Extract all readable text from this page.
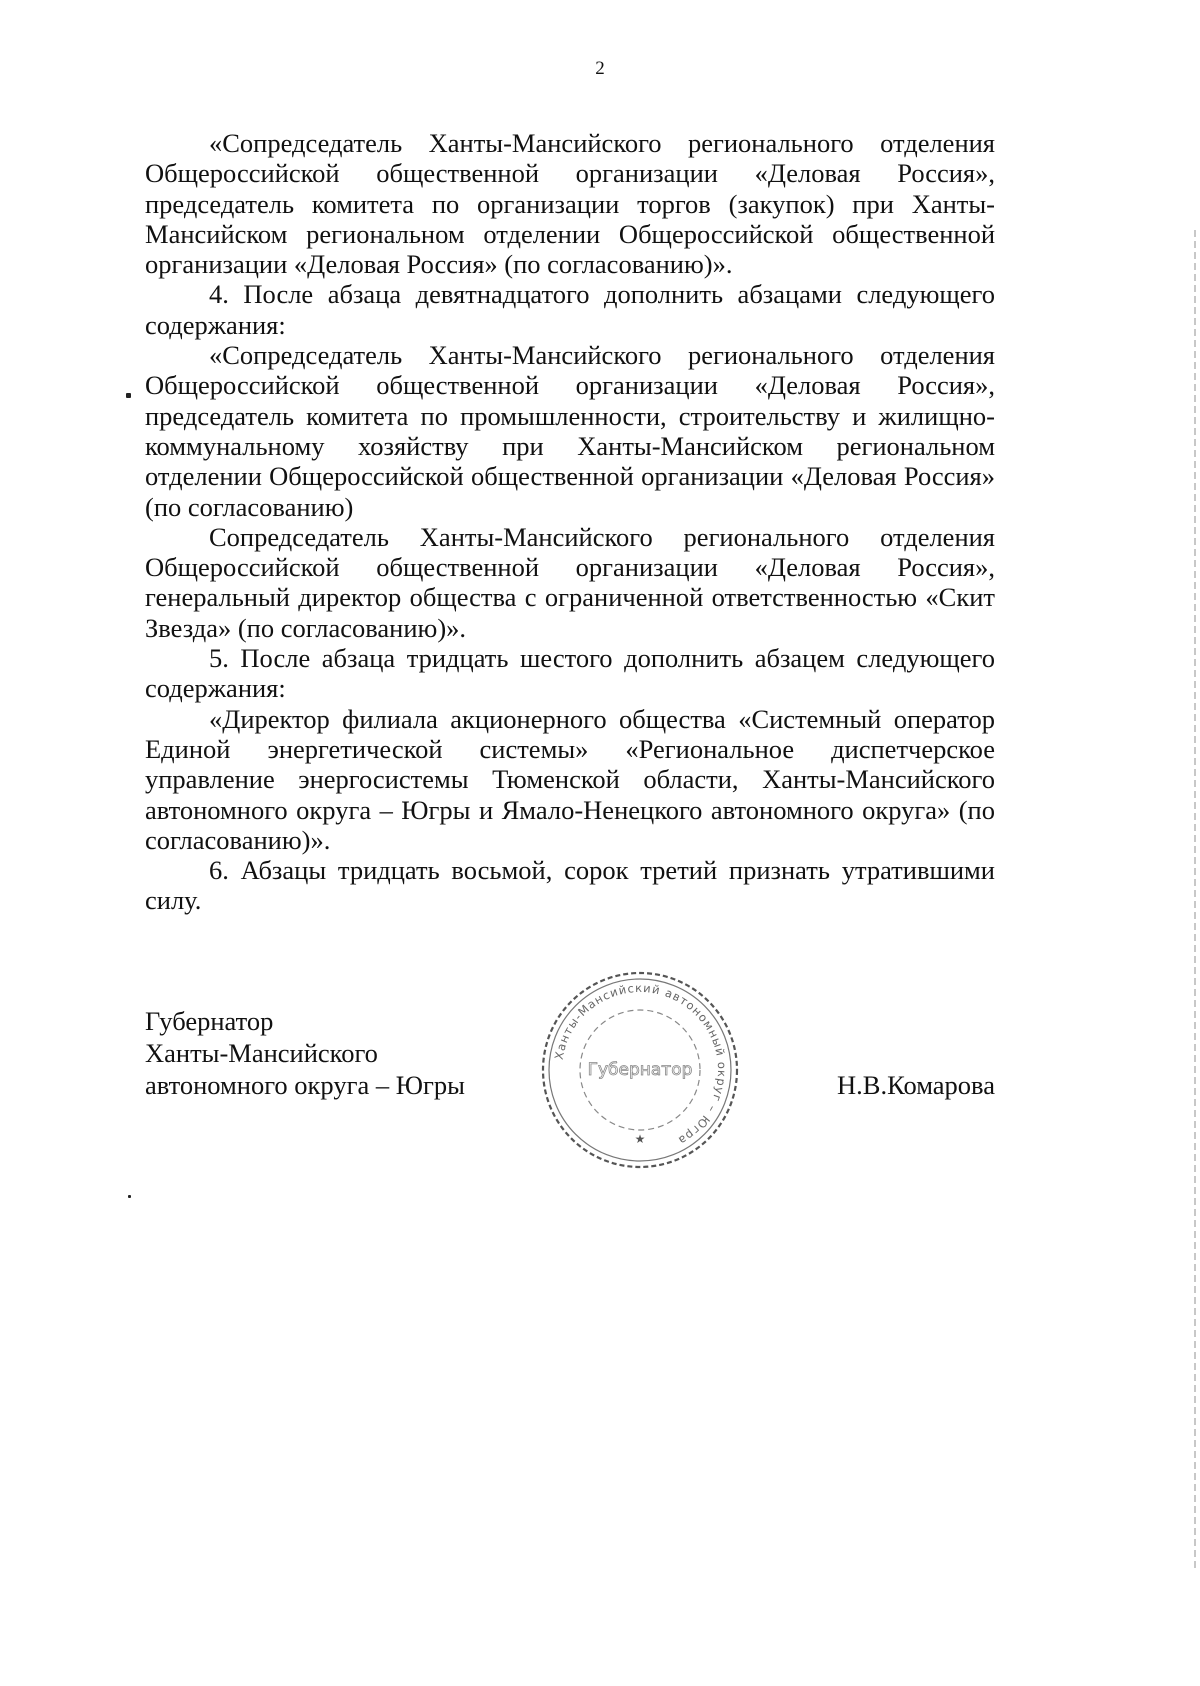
2

«Сопредседатель Ханты-Мансийского регионального отделения Общероссийской общественной организации «Деловая Россия», председатель комитета по организации торгов (закупок) при Ханты-Мансийском региональном отделении Общероссийской общественной организации «Деловая Россия» (по согласованию)».

4. После абзаца девятнадцатого дополнить абзацами следующего содержания:

«Сопредседатель Ханты-Мансийского регионального отделения Общероссийской общественной организации «Деловая Россия», председатель комитета по промышленности, строительству и жилищно-коммунальному хозяйству при Ханты-Мансийском региональном отделении Общероссийской общественной организации «Деловая Россия» (по согласованию)

Сопредседатель Ханты-Мансийского регионального отделения Общероссийской общественной организации «Деловая Россия», генеральный директор общества с ограниченной ответственностью «Скит Звезда» (по согласованию)».

5. После абзаца тридцать шестого дополнить абзацем следующего содержания:

«Директор филиала акционерного общества «Системный оператор Единой энергетической системы» «Региональное диспетчерское управление энергосистемы Тюменской области, Ханты-Мансийского автономного округа – Югры и Ямало-Ненецкого автономного округа» (по согласованию)».

6. Абзацы тридцать восьмой, сорок третий признать утратившими силу.

Губернатор
Ханты-Мансийского
автономного округа – Югры
Ханты-Мансийский автономный округ – Югра
Губернатор
★
Н.В.Комарова
